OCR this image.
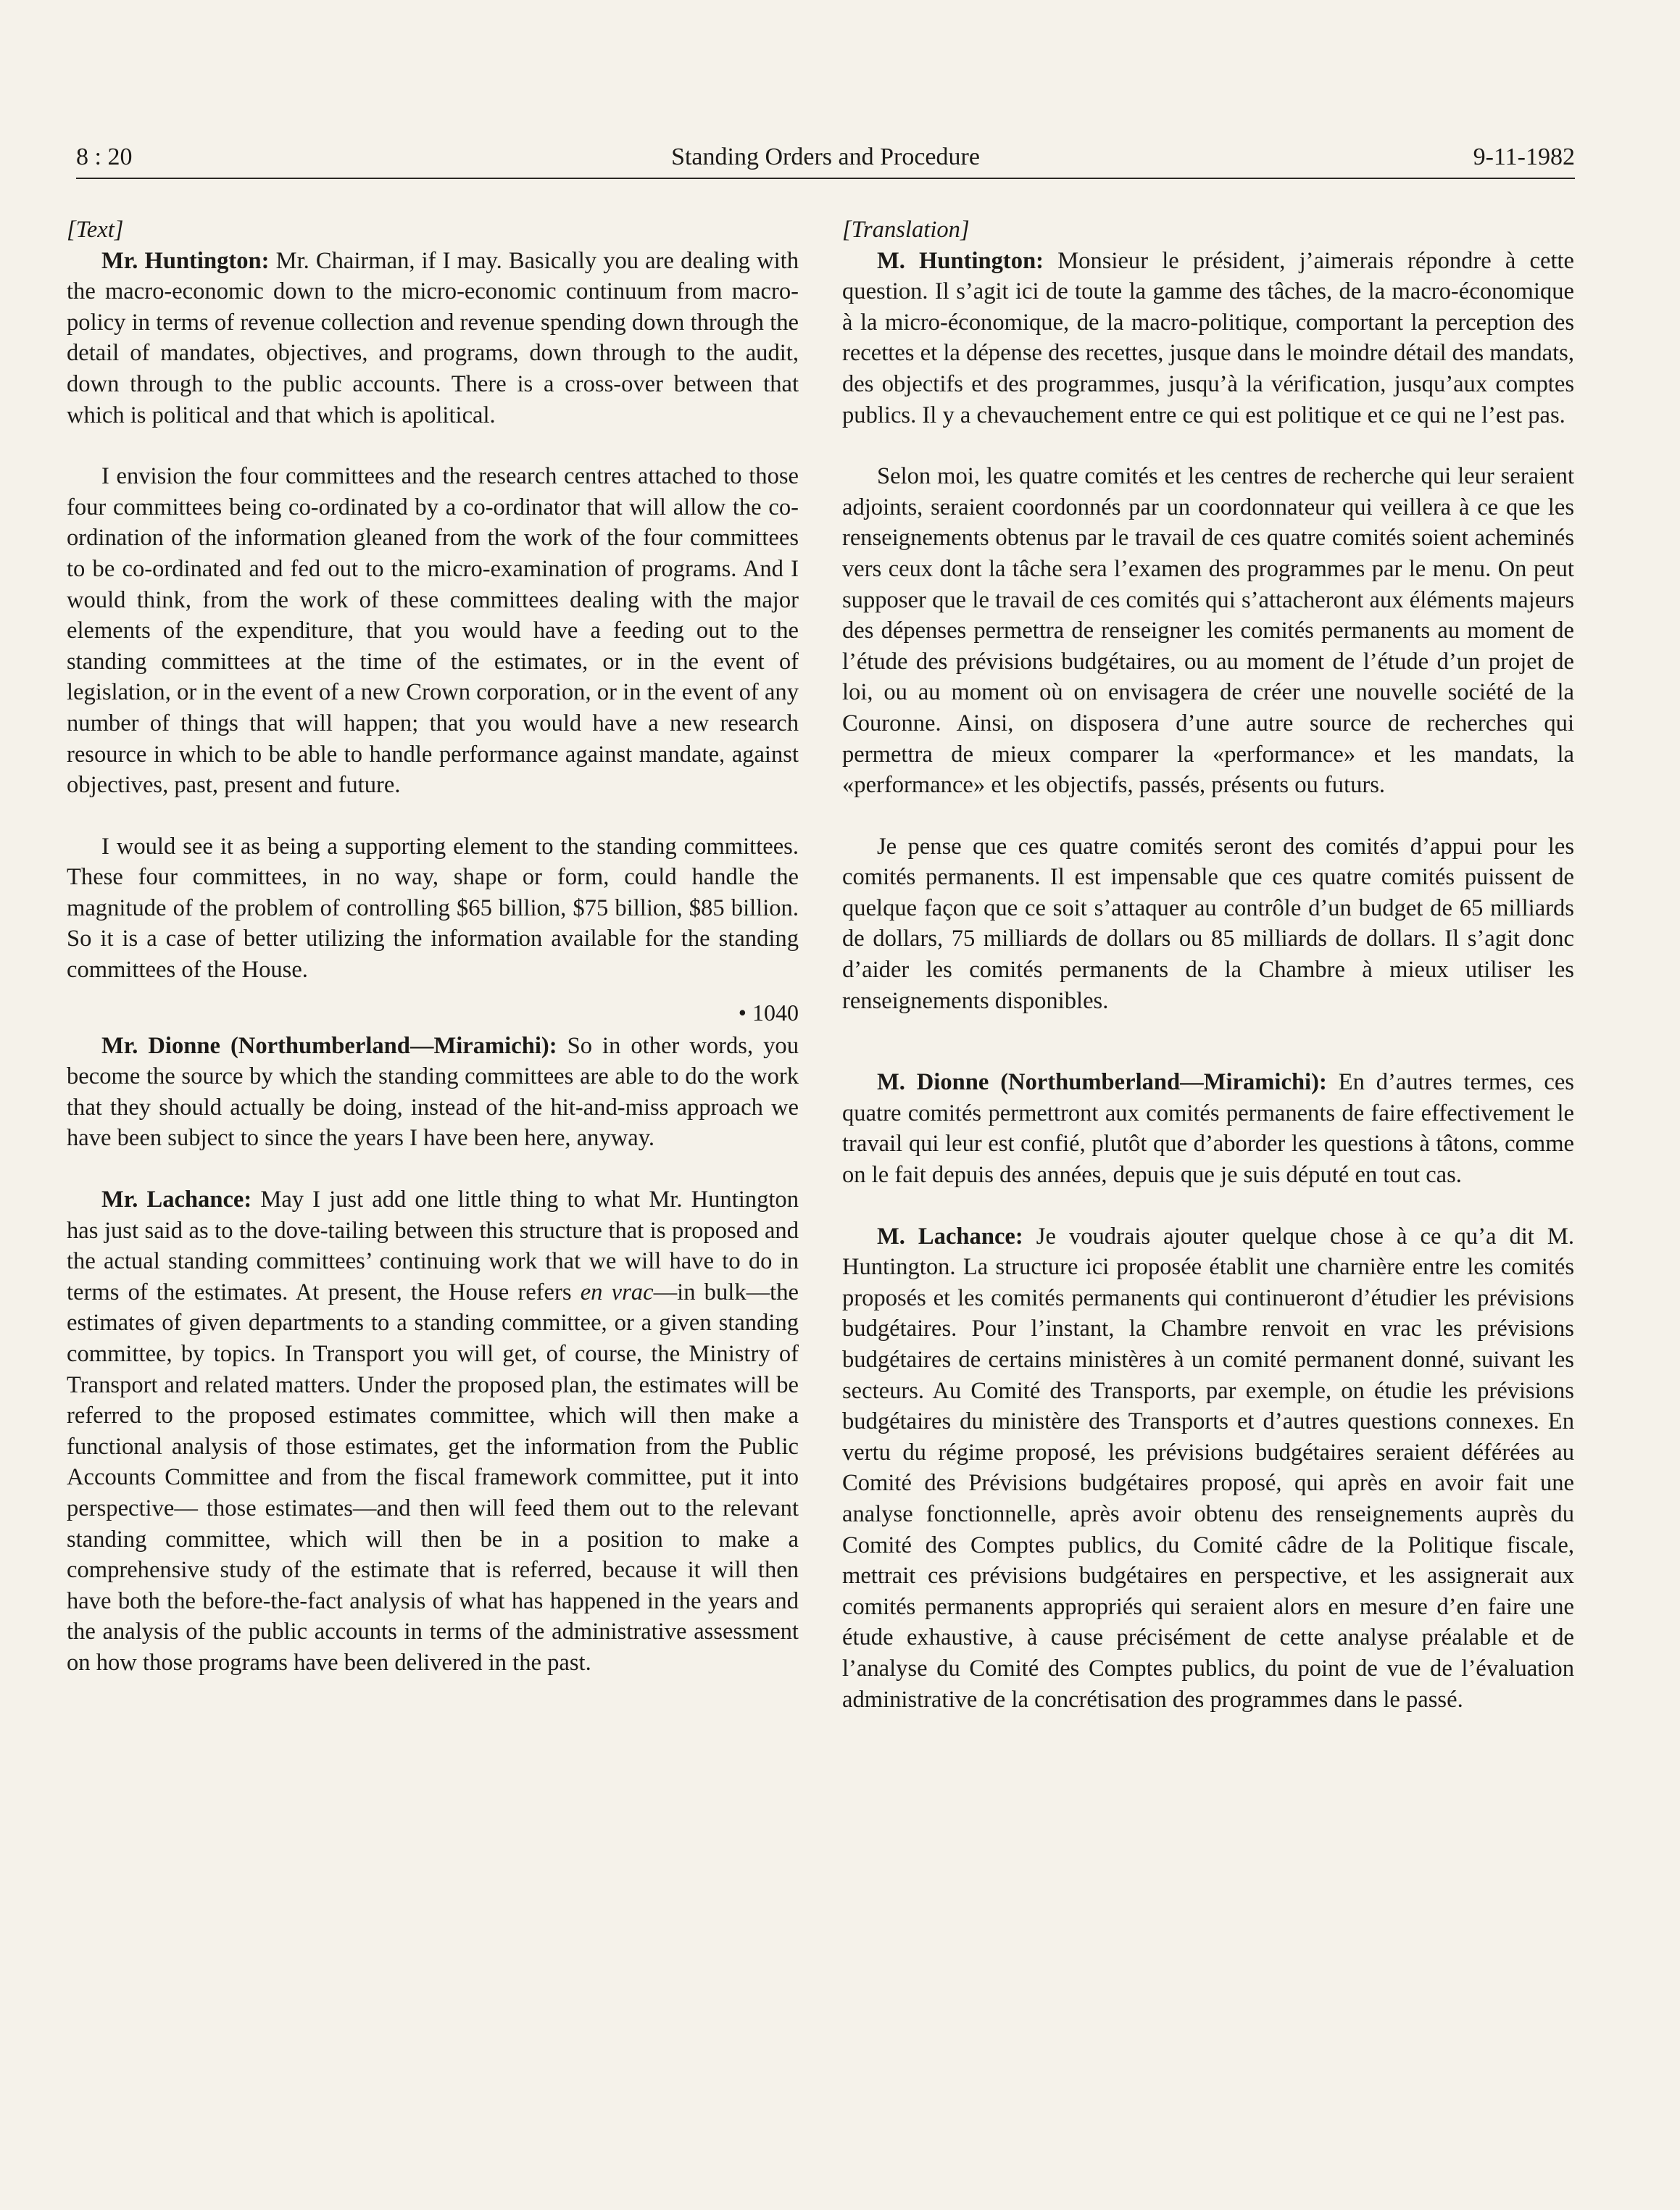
8 : 20	Standing Orders and Procedure	9-11-1982

[Text]

Mr. Huntington: Mr. Chairman, if I may. Basically you are dealing with the macro-economic down to the micro-economic continuum from macro-policy in terms of revenue collection and revenue spending down through the detail of mandates, objectives, and programs, down through to the audit, down through to the public accounts. There is a cross-over between that which is political and that which is apolitical.

I envision the four committees and the research centres attached to those four committees being co-ordinated by a co-ordinator that will allow the co-ordination of the information gleaned from the work of the four committees to be co-ordinated and fed out to the micro-examination of programs. And I would think, from the work of these committees dealing with the major elements of the expenditure, that you would have a feeding out to the standing committees at the time of the estimates, or in the event of legislation, or in the event of a new Crown corporation, or in the event of any number of things that will happen; that you would have a new research resource in which to be able to handle performance against mandate, against objectives, past, present and future.

I would see it as being a supporting element to the standing committees. These four committees, in no way, shape or form, could handle the magnitude of the problem of controlling $65 billion, $75 billion, $85 billion. So it is a case of better utilizing the information available for the standing committees of the House.

• 1040

Mr. Dionne (Northumberland—Miramichi): So in other words, you become the source by which the standing committees are able to do the work that they should actually be doing, instead of the hit-and-miss approach we have been subject to since the years I have been here, anyway.

Mr. Lachance: May I just add one little thing to what Mr. Huntington has just said as to the dove-tailing between this structure that is proposed and the actual standing committees’ continuing work that we will have to do in terms of the estimates. At present, the House refers en vrac—in bulk—the estimates of given departments to a standing committee, or a given standing committee, by topics. In Transport you will get, of course, the Ministry of Transport and related matters. Under the proposed plan, the estimates will be referred to the proposed estimates committee, which will then make a functional analysis of those estimates, get the information from the Public Accounts Committee and from the fiscal framework committee, put it into perspective— those estimates—and then will feed them out to the relevant standing committee, which will then be in a position to make a comprehensive study of the estimate that is referred, because it will then have both the before-the-fact analysis of what has happened in the years and the analysis of the public accounts in terms of the administrative assessment on how those programs have been delivered in the past.

[Translation]

M. Huntington: Monsieur le président, j’aimerais répondre à cette question. Il s’agit ici de toute la gamme des tâches, de la macro-économique à la micro-économique, de la macro-politique, comportant la perception des recettes et la dépense des recettes, jusque dans le moindre détail des mandats, des objectifs et des programmes, jusqu’à la vérification, jusqu’aux comptes publics. Il y a chevauchement entre ce qui est politique et ce qui ne l’est pas.

Selon moi, les quatre comités et les centres de recherche qui leur seraient adjoints, seraient coordonnés par un coordonnateur qui veillera à ce que les renseignements obtenus par le travail de ces quatre comités soient acheminés vers ceux dont la tâche sera l’examen des programmes par le menu. On peut supposer que le travail de ces comités qui s’attacheront aux éléments majeurs des dépenses permettra de renseigner les comités permanents au moment de l’étude des prévisions budgétaires, ou au moment de l’étude d’un projet de loi, ou au moment où on envisagera de créer une nouvelle société de la Couronne. Ainsi, on disposera d’une autre source de recherches qui permettra de mieux comparer la «performance» et les mandats, la «performance» et les objectifs, passés, présents ou futurs.

Je pense que ces quatre comités seront des comités d’appui pour les comités permanents. Il est impensable que ces quatre comités puissent de quelque façon que ce soit s’attaquer au contrôle d’un budget de 65 milliards de dollars, 75 milliards de dollars ou 85 milliards de dollars. Il s’agit donc d’aider les comités permanents de la Chambre à mieux utiliser les renseignements disponibles.

M. Dionne (Northumberland—Miramichi): En d’autres termes, ces quatre comités permettront aux comités permanents de faire effectivement le travail qui leur est confié, plutôt que d’aborder les questions à tâtons, comme on le fait depuis des années, depuis que je suis député en tout cas.

M. Lachance: Je voudrais ajouter quelque chose à ce qu’a dit M. Huntington. La structure ici proposée établit une charnière entre les comités proposés et les comités permanents qui continueront d’étudier les prévisions budgétaires. Pour l’instant, la Chambre renvoit en vrac les prévisions budgétaires de certains ministères à un comité permanent donné, suivant les secteurs. Au Comité des Transports, par exemple, on étudie les prévisions budgétaires du ministère des Transports et d’autres questions connexes. En vertu du régime proposé, les prévisions budgétaires seraient déférées au Comité des Prévisions budgétaires proposé, qui après en avoir fait une analyse fonctionnelle, après avoir obtenu des renseignements auprès du Comité des Comptes publics, du Comité câdre de la Politique fiscale, mettrait ces prévisions budgétaires en perspective, et les assignerait aux comités permanents appropriés qui seraient alors en mesure d’en faire une étude exhaustive, à cause précisément de cette analyse préalable et de l’analyse du Comité des Comptes publics, du point de vue de l’évaluation administrative de la concrétisation des programmes dans le passé.
